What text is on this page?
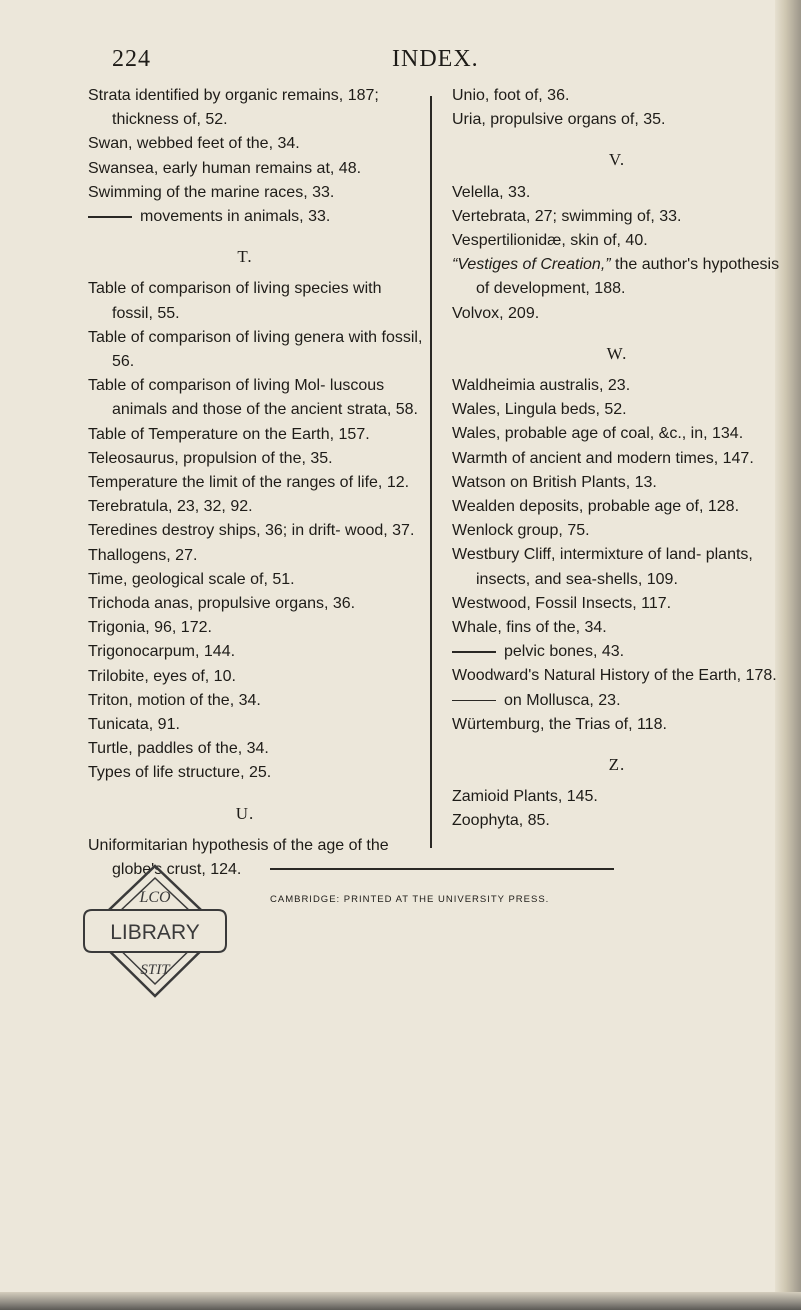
224	INDEX.

Strata identified by organic remains, 187; thickness of, 52.

Swan, webbed feet of the, 34.

Swansea, early human remains at, 48.

Swimming of the marine races, 33.

movements in animals, 33.

T.

Table of comparison of living species with fossil, 55.

Table of comparison of living genera with fossil, 56.

Table of comparison of living Mol- luscous animals and those of the ancient strata, 58.

Table of Temperature on the Earth, 157.

Teleosaurus, propulsion of the, 35.

Temperature the limit of the ranges of life, 12.

Terebratula, 23, 32, 92.

Teredines destroy ships, 36; in drift- wood, 37.

Thallogens, 27.

Time, geological scale of, 51.

Trichoda anas, propulsive organs, 36.

Trigonia, 96, 172.

Trigonocarpum, 144.

Trilobite, eyes of, 10.

Triton, motion of the, 34.

Tunicata, 91.

Turtle, paddles of the, 34.

Types of life structure, 25.

U.

Uniformitarian hypothesis of the age of the globe's crust, 124.

Unio, foot of, 36.

Uria, propulsive organs of, 35.

V.

Velella, 33.

Vertebrata, 27; swimming of, 33.

Vespertilionidæ, skin of, 40.

“Vestiges of Creation,” the author's hypothesis of development, 188.

Volvox, 209.

W.

Waldheimia australis, 23.

Wales, Lingula beds, 52.

Wales, probable age of coal, &c., in, 134.

Warmth of ancient and modern times, 147.

Watson on British Plants, 13.

Wealden deposits, probable age of, 128.

Wenlock group, 75.

Westbury Cliff, intermixture of land- plants, insects, and sea-shells, 109.

Westwood, Fossil Insects, 117.

Whale, fins of the, 34.

pelvic bones, 43.

Woodward's Natural History of the Earth, 178.

on Mollusca, 23.

Würtemburg, the Trias of, 118.

Z.

Zamioid Plants, 145.

Zoophyta, 85.

LCO
LIBRARY
STIT
CAMBRIDGE: PRINTED AT THE UNIVERSITY PRESS.
